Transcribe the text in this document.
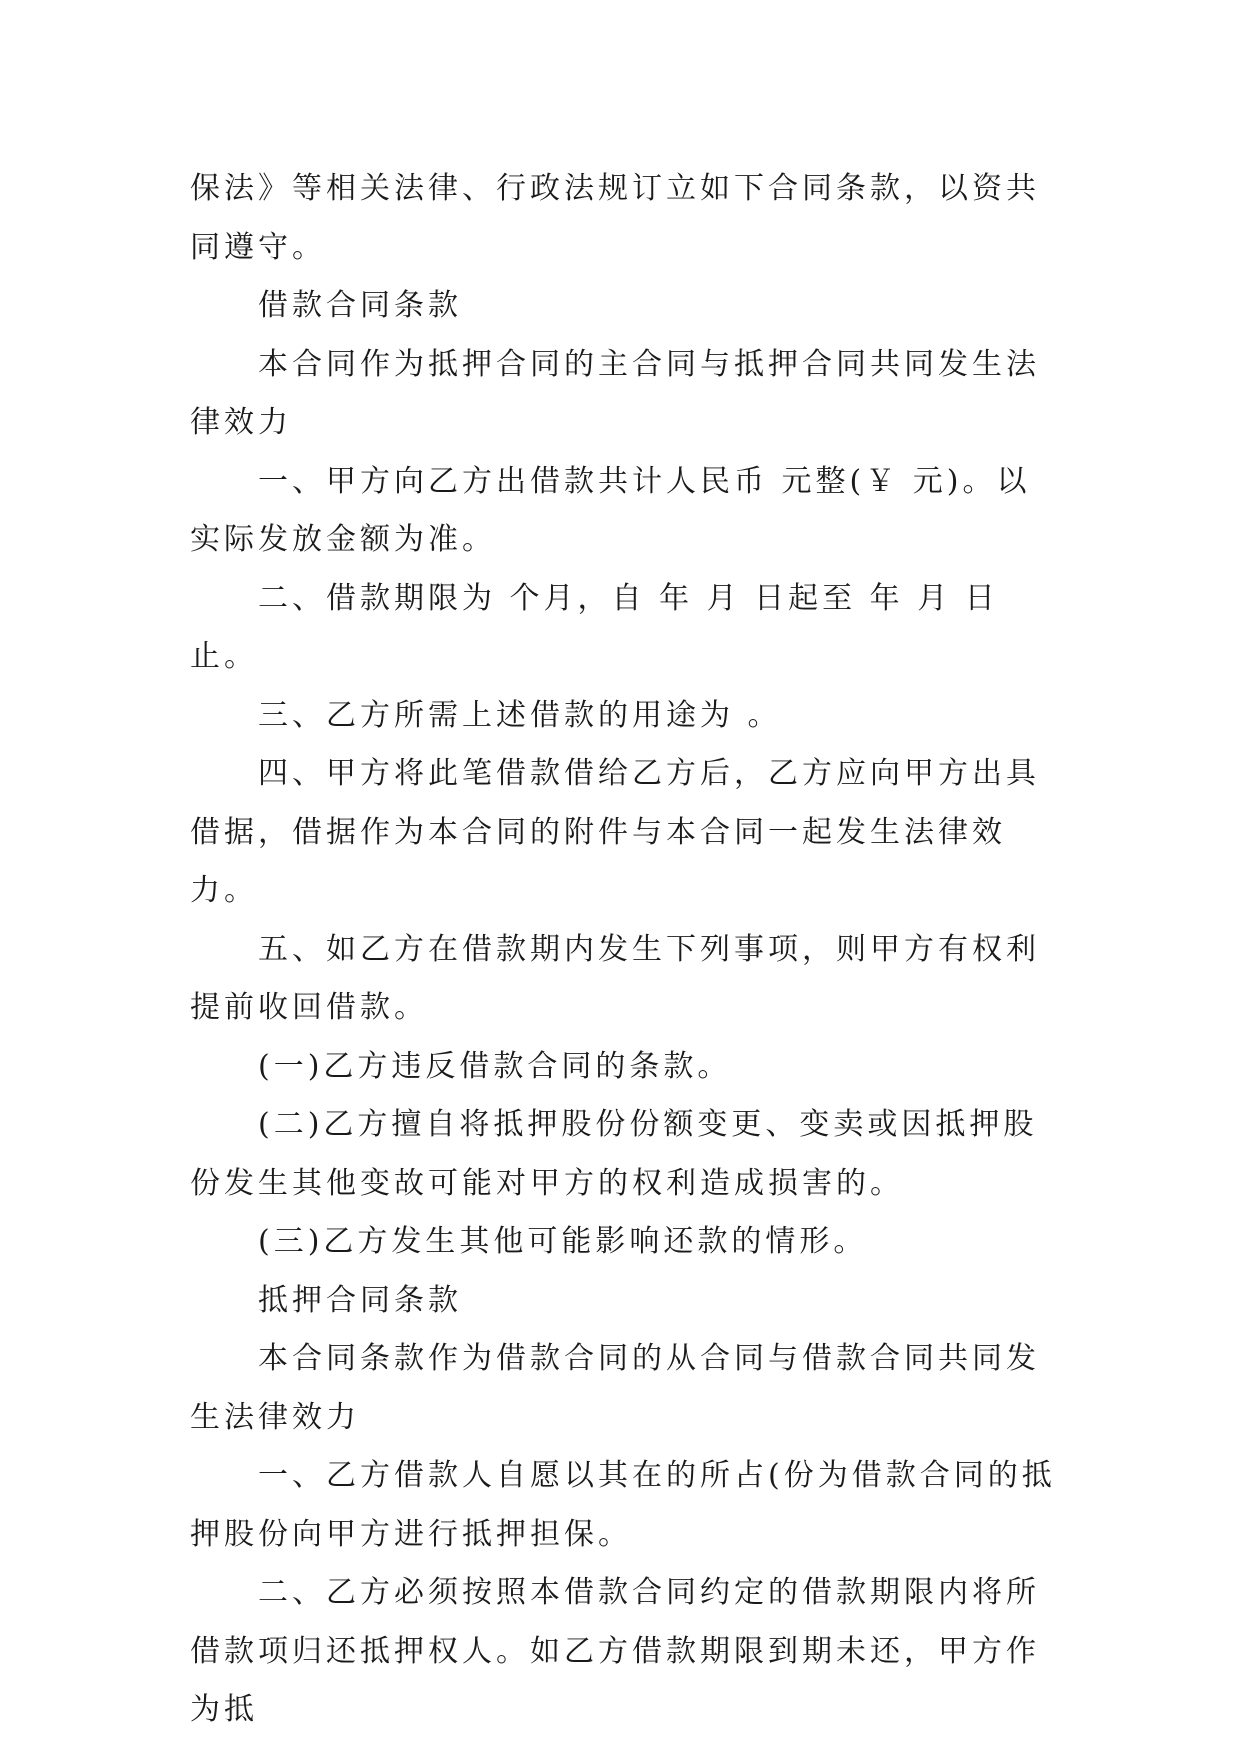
保法》等相关法律、行政法规订立如下合同条款，以资共同遵守。

借款合同条款

本合同作为抵押合同的主合同与抵押合同共同发生法律效力

一、甲方向乙方出借款共计人民币 元整(￥ 元)。以实际发放金额为准。

二、借款期限为 个月，自 年 月 日起至 年 月 日止。

三、乙方所需上述借款的用途为 。

四、甲方将此笔借款借给乙方后，乙方应向甲方出具借据，借据作为本合同的附件与本合同一起发生法律效力。

五、如乙方在借款期内发生下列事项，则甲方有权利提前收回借款。

(一)乙方违反借款合同的条款。

(二)乙方擅自将抵押股份份额变更、变卖或因抵押股份发生其他变故可能对甲方的权利造成损害的。

(三)乙方发生其他可能影响还款的情形。

抵押合同条款

本合同条款作为借款合同的从合同与借款合同共同发生法律效力

一、乙方借款人自愿以其在的所占(份为借款合同的抵押股份向甲方进行抵押担保。

二、乙方必须按照本借款合同约定的借款期限内将所借款项归还抵押权人。如乙方借款期限到期未还，甲方作为抵
